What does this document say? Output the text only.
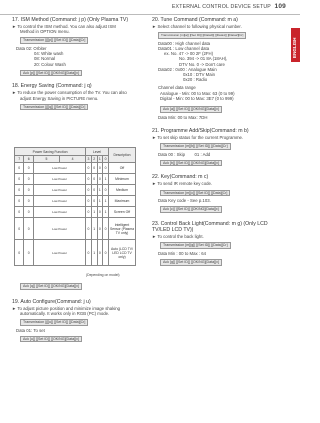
EXTERNAL CONTROL DEVICE SETUP 109
ENGLISH

17. ISM Method (Command: j p) (Only Plasma TV)

► To control the ISM method. You can also adjust ISM

Method in OPTION menu.

Transmission [j][p][ ][Set ID][ ][Data][Cr]

Data 02: Orbiter

04: White wash

08: Normal

20: Colour Wash

Ack [p][ ][Set ID][ ][OK/NG][Data][x]

18. Energy Saving (Command: j q)

► To reduce the power consumption of the TV. You can also

adjust Energy Saving in PICTURE menu.

Transmission [j][q][ ][Set ID][ ][Data][Cr]
Power Saving Function				Level				Description
7	6	5	4	3	2	1	0	
0	0	Low Power		0	0	0	0	Off
0	0	Low Power		0	0	0	1	Minimum
0	0	Low Power		0	0	1	0	Medium
0	0	Low Power		0	0	1	1	Maximum
0	0	Low Power		0	1	0	1	Screen Off
0	0	Low Power		0	1	0	0	Intelligent Sensor (Plasma TV only)
0	0	Low Power		0	1	0	0	Auto (LCD TV/ LED LCD TV only)
(Depending on model)
Ack [q][ ][Set ID][ ][OK/NG][Data][x]

19. Auto Configure(Command: j u)

► To adjust picture position and minimize image shaking

automatically. It works only in RGB (PC) mode.

Transmission [j][u][ ][Set ID][ ][Data][Cr]

Data 01: To set

Ack [u][ ][Set ID][ ][OK/NG][Data][x]

20. Tune Command (Command: m a)

► Select channel to following physical number.

Transmission [m][a][ ][Set ID][ ][Data0][ ][Data1][ ][Data2][Cr]

Data00 : High channel data

Data01 : Low channel data

ex. No. 47 -> 00 2F (2FH)

No. 394 -> 01 8A (18AH),

DTV No. 0 -> Don't care

Data02 : 0x00 : Analogue Main

0x10 : DTV Main

0x20 : Radio

Channel data range

Analogue - Min: 00 to Max: 63 (0 to 99)

Digital - Min: 00 to Max: 3E7 (0 to 999)

Ack [a][ ][Set ID][ ][OK/NG][Data][x]

Data Min: 00 to Max: 7DH

21. Programme Add/Skip(Command: m b)

► To set skip status for the current Programme.

Transmission [m][b][ ][Set ID][ ][Data][Cr]

Data 00 : Skip        01 : Add

Ack [b][ ][Set ID][ ][OK/NG][Data][x]

22. Key(Command: m c)

► To send IR remote key code.

Transmission [m][c][ ][Set ID][ ][Data][Cr]

Data Key code - See p.103.

Ack [c][ ][Set ID][ ][OK/NG][Data][x]

23. Control Back Light(Command: m g) (Only LCD

TV/LED LCD TV))

► To control the back light.

Transmission [m][g][ ][Set ID][ ][Data][Cr]

Data Min : 00 to Max : 64

Ack [g][ ][Set ID][ ][OK/NG][Data][x]
